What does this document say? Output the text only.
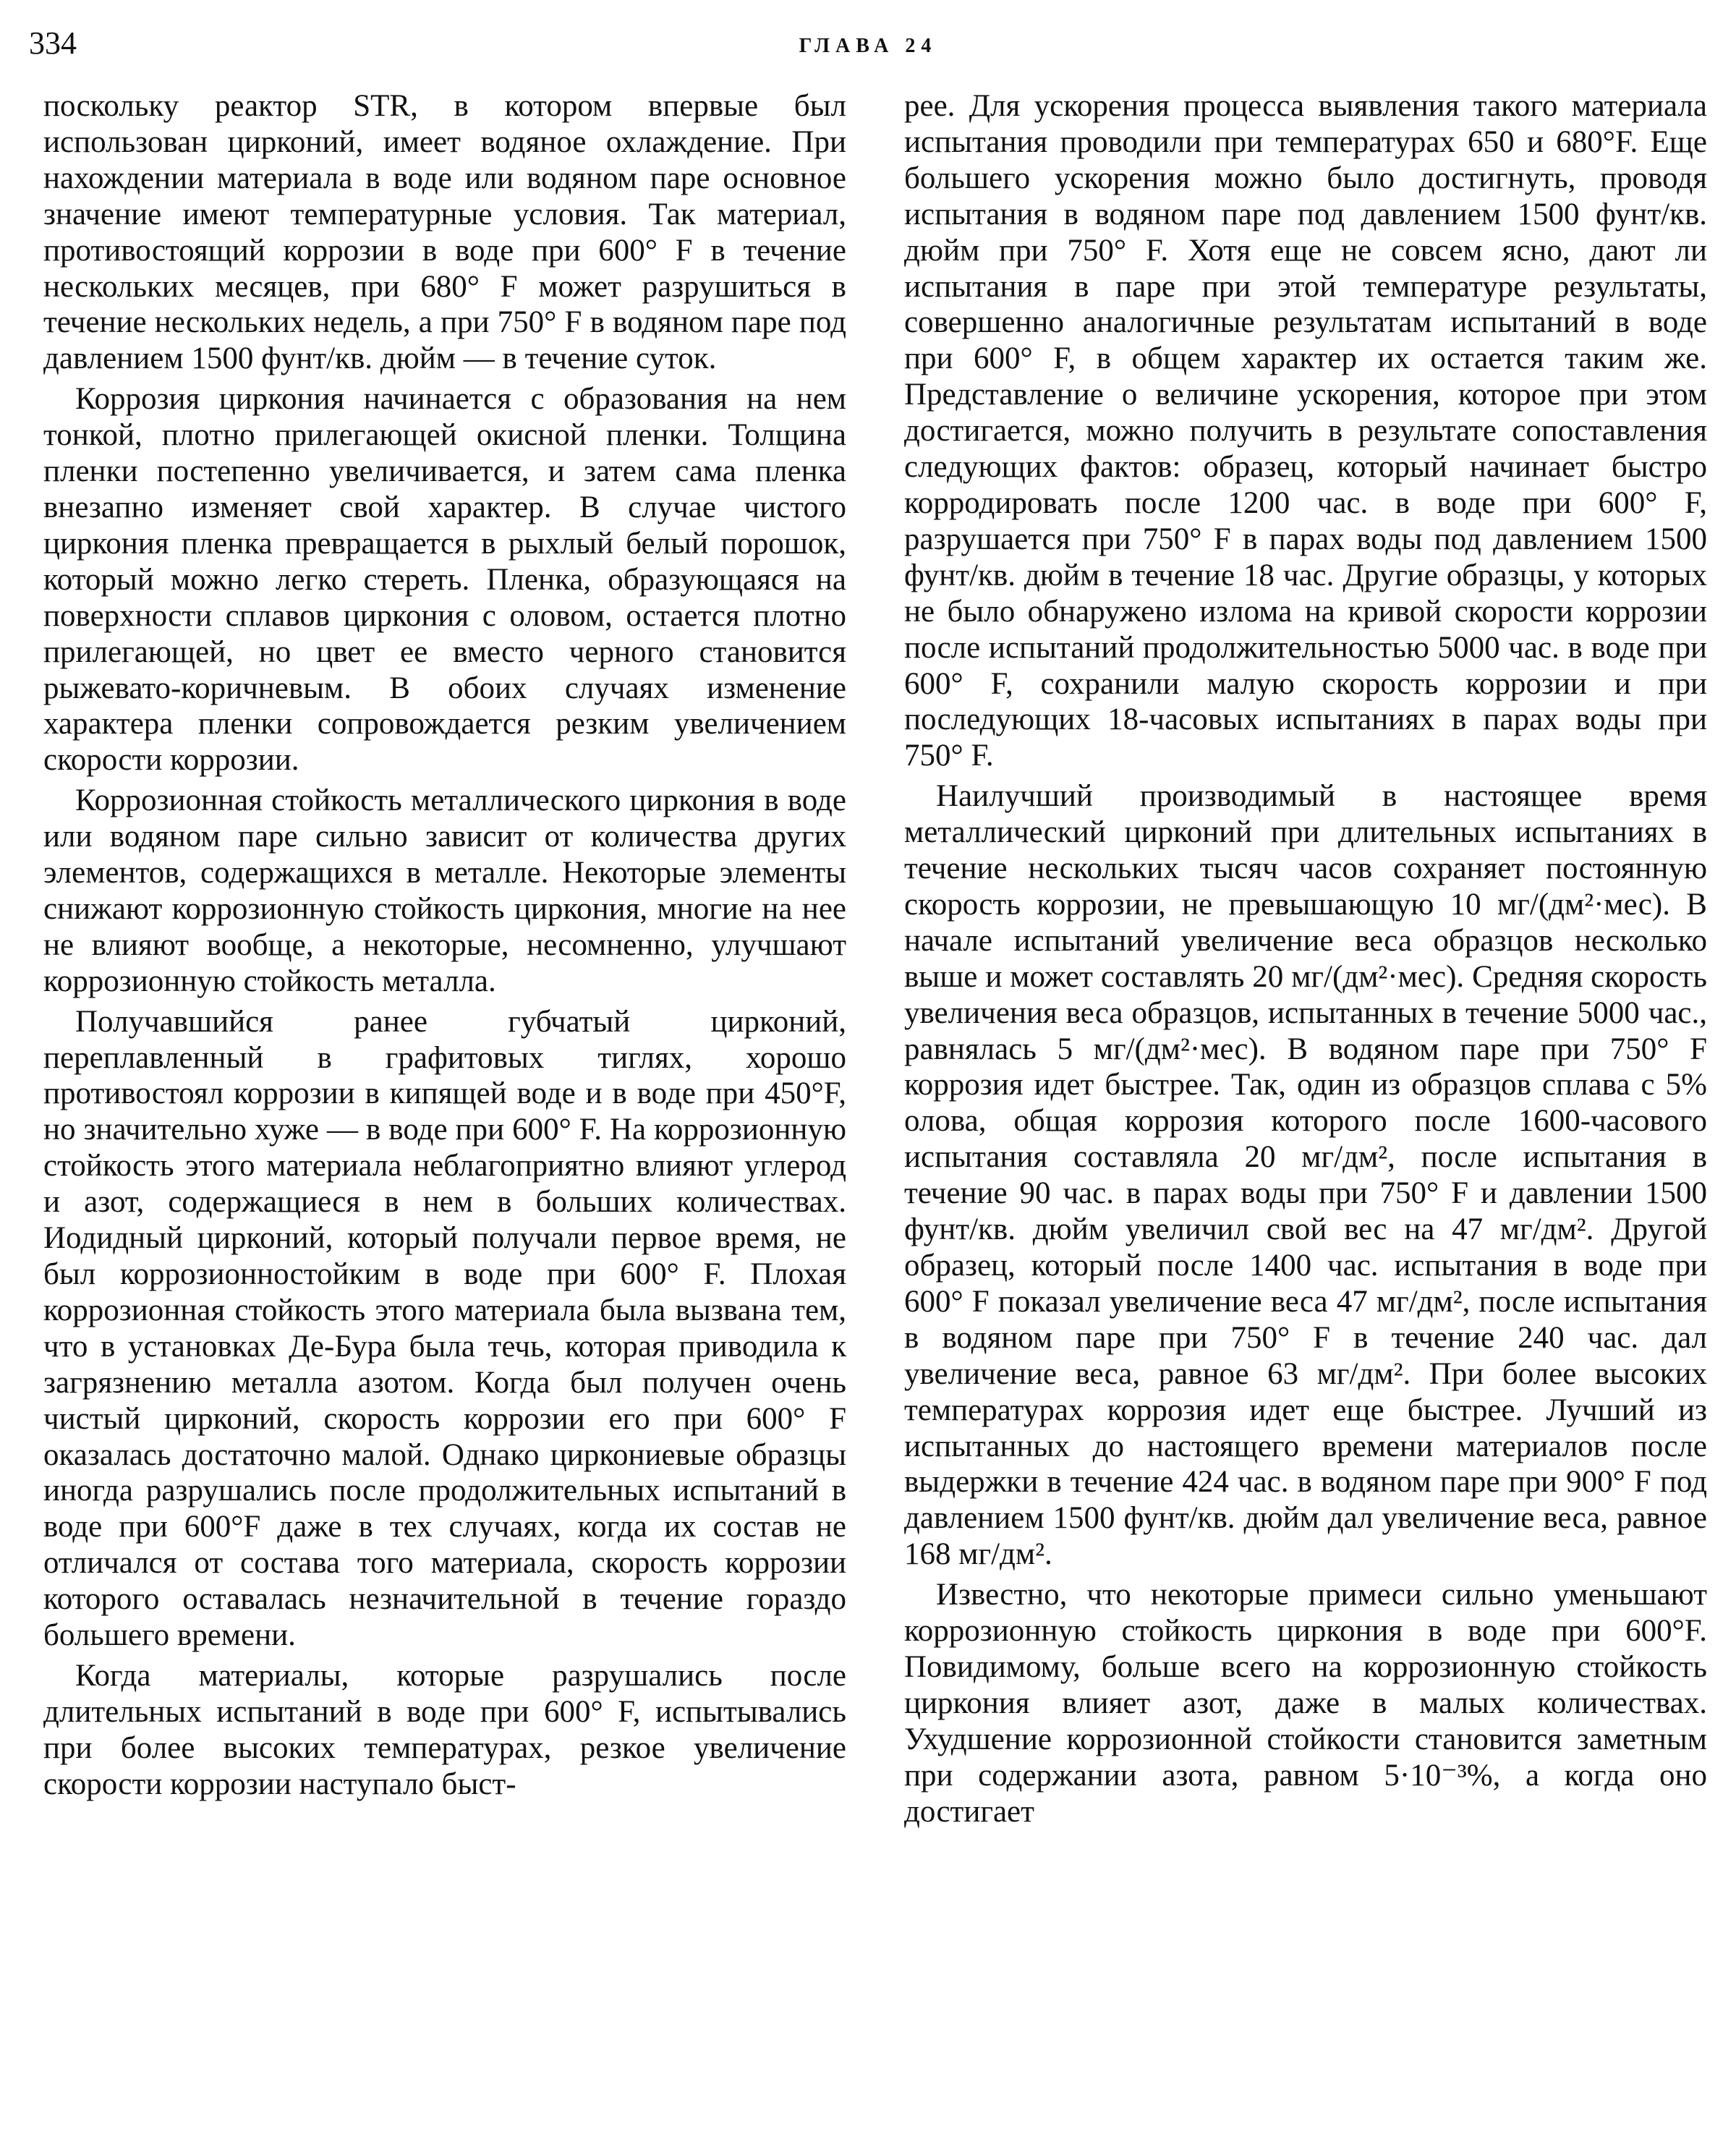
334	ГЛАВА 24

поскольку реактор STR, в котором впервые был использован цирконий, имеет водяное охлаждение. При нахождении материала в воде или водяном паре основное значение имеют температурные условия. Так материал, противостоящий коррозии в воде при 600° F в течение нескольких месяцев, при 680° F может разрушиться в течение нескольких недель, а при 750° F в водяном паре под давлением 1500 фунт/кв. дюйм — в течение суток.

Коррозия циркония начинается с образования на нем тонкой, плотно прилегающей окисной пленки. Толщина пленки постепенно увеличивается, и затем сама пленка внезапно изменяет свой характер. В случае чистого циркония пленка превращается в рыхлый белый порошок, который можно легко стереть. Пленка, образующаяся на поверхности сплавов циркония с оловом, остается плотно прилегающей, но цвет ее вместо черного становится рыжевато-коричневым. В обоих случаях изменение характера пленки сопровождается резким увеличением скорости коррозии.

Коррозионная стойкость металлического циркония в воде или водяном паре сильно зависит от количества других элементов, содержащихся в металле. Некоторые элементы снижают коррозионную стойкость циркония, многие на нее не влияют вообще, а некоторые, несомненно, улучшают коррозионную стойкость металла.

Получавшийся ранее губчатый цирконий, переплавленный в графитовых тиглях, хорошо противостоял коррозии в кипящей воде и в воде при 450°F, но значительно хуже — в воде при 600° F. На коррозионную стойкость этого материала неблагоприятно влияют углерод и азот, содержащиеся в нем в больших количествах. Иодидный цирконий, который получали первое время, не был коррозионностойким в воде при 600° F. Плохая коррозионная стойкость этого материала была вызвана тем, что в установках Де-Бура была течь, которая приводила к загрязнению металла азотом. Когда был получен очень чистый цирконий, скорость коррозии его при 600° F оказалась достаточно малой. Однако циркониевые образцы иногда разрушались после продолжительных испытаний в воде при 600°F даже в тех случаях, когда их состав не отличался от состава того материала, скорость коррозии которого оставалась незначительной в течение гораздо большего времени.

Когда материалы, которые разрушались после длительных испытаний в воде при 600° F, испытывались при более высоких температурах, резкое увеличение скорости коррозии наступало быст-

рее. Для ускорения процесса выявления такого материала испытания проводили при температурах 650 и 680°F. Еще большего ускорения можно было достигнуть, проводя испытания в водяном паре под давлением 1500 фунт/кв. дюйм при 750° F. Хотя еще не совсем ясно, дают ли испытания в паре при этой температуре результаты, совершенно аналогичные результатам испытаний в воде при 600° F, в общем характер их остается таким же. Представление о величине ускорения, которое при этом достигается, можно получить в результате сопоставления следующих фактов: образец, который начинает быстро корродировать после 1200 час. в воде при 600° F, разрушается при 750° F в парах воды под давлением 1500 фунт/кв. дюйм в течение 18 час. Другие образцы, у которых не было обнаружено излома на кривой скорости коррозии после испытаний продолжительностью 5000 час. в воде при 600° F, сохранили малую скорость коррозии и при последующих 18-часовых испытаниях в парах воды при 750° F.

Наилучший производимый в настоящее время металлический цирконий при длительных испытаниях в течение нескольких тысяч часов сохраняет постоянную скорость коррозии, не превышающую 10 мг/(дм²·мес). В начале испытаний увеличение веса образцов несколько выше и может составлять 20 мг/(дм²·мес). Средняя скорость увеличения веса образцов, испытанных в течение 5000 час., равнялась 5 мг/(дм²·мес). В водяном паре при 750° F коррозия идет быстрее. Так, один из образцов сплава с 5% олова, общая коррозия которого после 1600-часового испытания составляла 20 мг/дм², после испытания в течение 90 час. в парах воды при 750° F и давлении 1500 фунт/кв. дюйм увеличил свой вес на 47 мг/дм². Другой образец, который после 1400 час. испытания в воде при 600° F показал увеличение веса 47 мг/дм², после испытания в водяном паре при 750° F в течение 240 час. дал увеличение веса, равное 63 мг/дм². При более высоких температурах коррозия идет еще быстрее. Лучший из испытанных до настоящего времени материалов после выдержки в течение 424 час. в водяном паре при 900° F под давлением 1500 фунт/кв. дюйм дал увеличение веса, равное 168 мг/дм².

Известно, что некоторые примеси сильно уменьшают коррозионную стойкость циркония в воде при 600°F. Повидимому, больше всего на коррозионную стойкость циркония влияет азот, даже в малых количествах. Ухудшение коррозионной стойкости становится заметным при содержании азота, равном 5·10⁻³%, а когда оно достигает
